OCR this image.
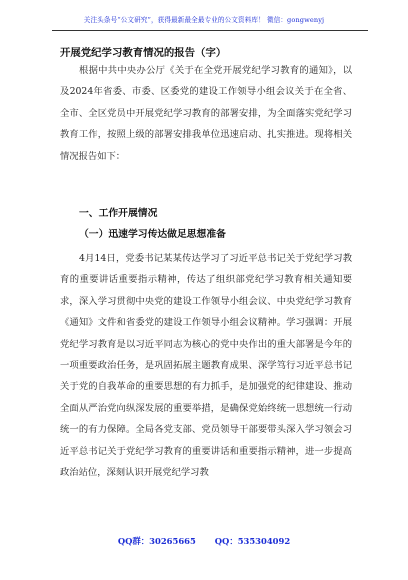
关注头条号“公文研究”，获得最新最全最专业的公文资料库！ 微信：gongwenyj
开展党纪学习教育情况的报告（字）
根据中共中央办公厅《关于在全党开展党纪学习教育的通知》，以及2024年省委、市委、区委党的建设工作领导小组会议关于在全省、全市、全区党员中开展党纪学习教育的部署安排，为全面落实党纪学习教育工作，按照上级的部署安排我单位迅速启动、扎实推进。现将相关情况报告如下：
一、工作开展情况
（一）迅速学习传达做足思想准备
4月14日，党委书记某某传达学习了习近平总书记关于党纪学习教育的重要讲话重要指示精神，传达了组织部党纪学习教育相关通知要求，深入学习贯彻中央党的建设工作领导小组会议、中央党纪学习教育《通知》文件和省委党的建设工作领导小组会议精神。学习强调：开展党纪学习教育是以习近平同志为核心的党中央作出的重大部署是今年的一项重要政治任务，是巩固拓展主题教育成果、深学笃行习近平总书记关于党的自我革命的重要思想的有力抓手，是加强党的纪律建设、推动全面从严治党向纵深发展的重要举措，是确保党始终统一思想统一行动统一的有力保障。全局各党支部、党员领导干部要带头深入学习领会习近平总书记关于党纪学习教育的重要讲话和重要指示精神，进一步提高政治站位，深刻认识开展党纪学习教
QQ群：30265665 QQ：535304092
